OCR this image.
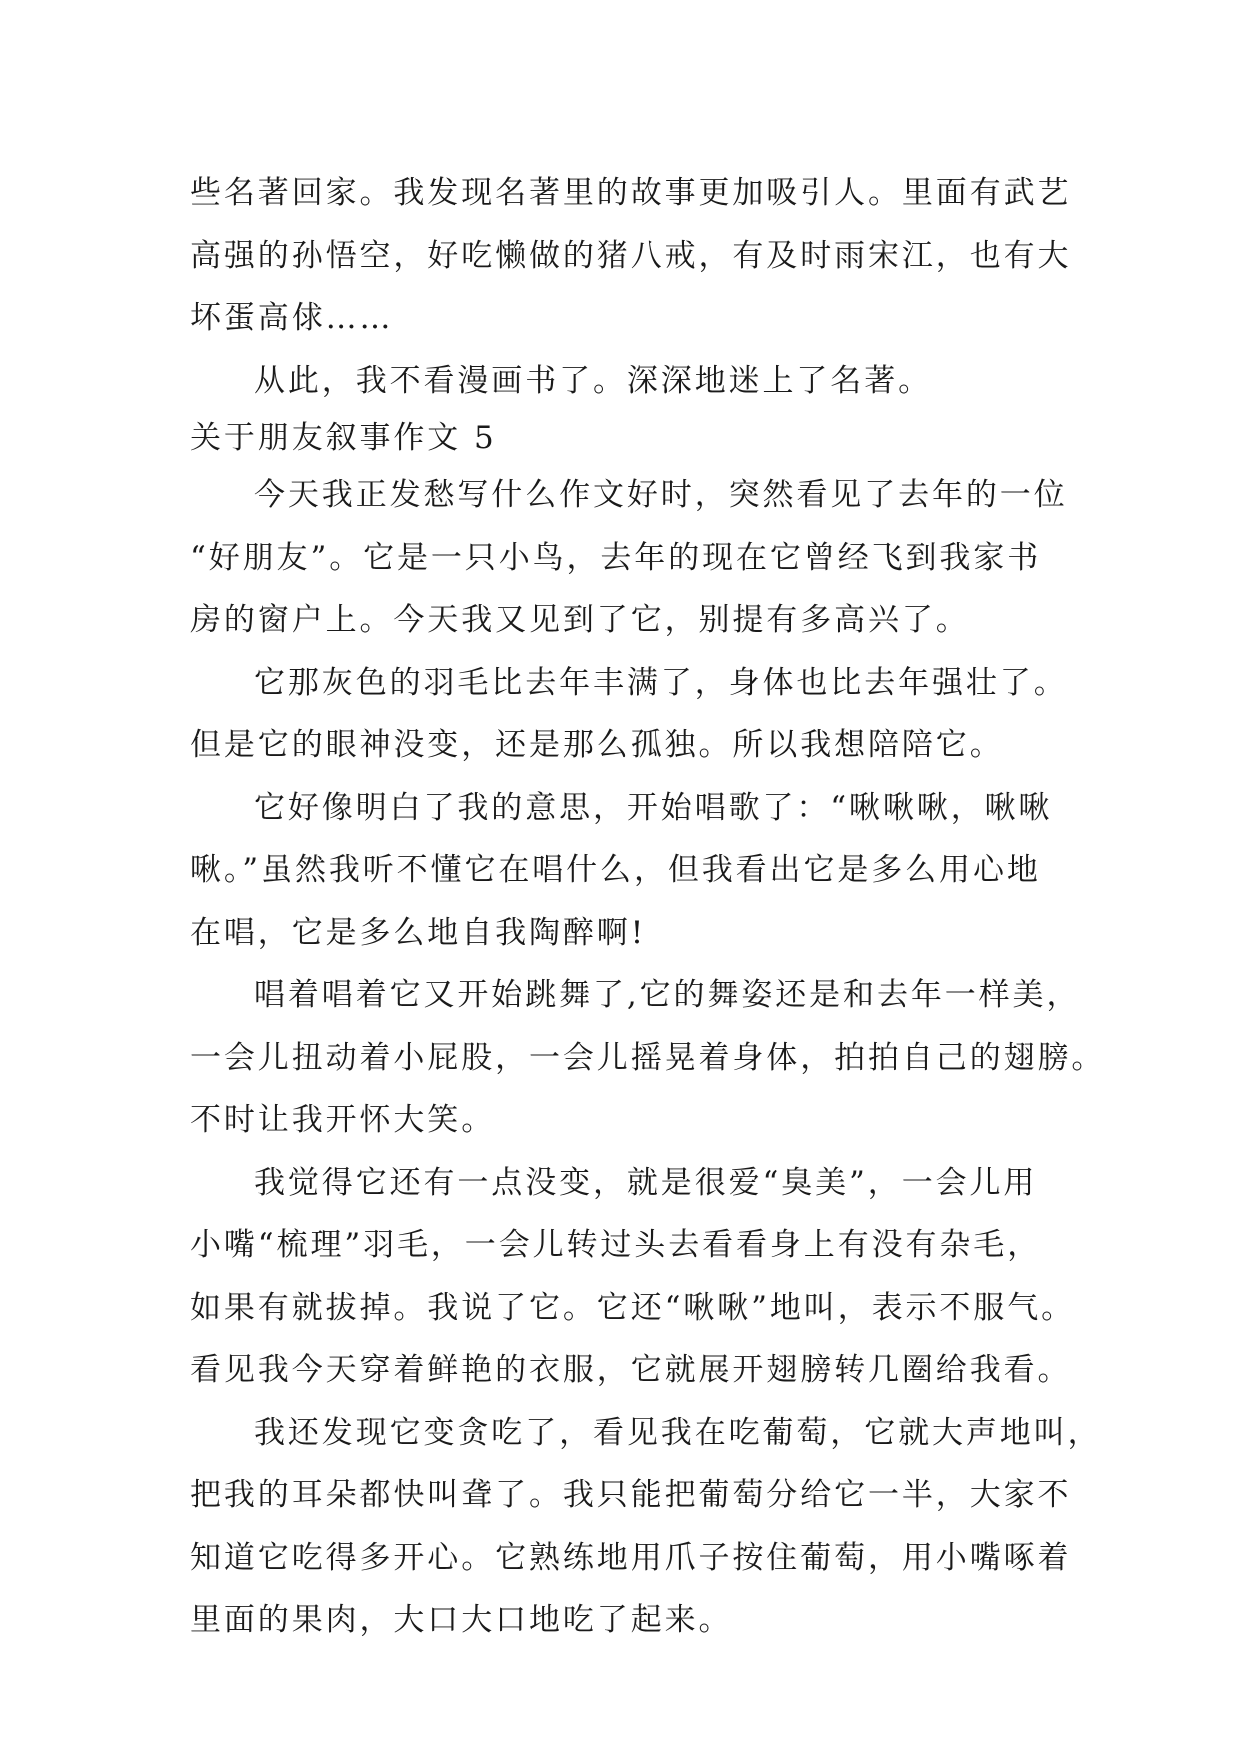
些名著回家。我发现名著里的故事更加吸引人。里面有武艺
高强的孙悟空，好吃懒做的猪八戒，有及时雨宋江，也有大
坏蛋高俅……
从此，我不看漫画书了。深深地迷上了名著。
关于朋友叙事作文 5
今天我正发愁写什么作文好时，突然看见了去年的一位
“好朋友”。它是一只小鸟，去年的现在它曾经飞到我家书
房的窗户上。今天我又见到了它，别提有多高兴了。
它那灰色的羽毛比去年丰满了，身体也比去年强壮了。
但是它的眼神没变，还是那么孤独。所以我想陪陪它。
它好像明白了我的意思，开始唱歌了：“啾啾啾，啾啾
啾。”虽然我听不懂它在唱什么，但我看出它是多么用心地
在唱，它是多么地自我陶醉啊!
唱着唱着它又开始跳舞了,它的舞姿还是和去年一样美，
一会儿扭动着小屁股，一会儿摇晃着身体，拍拍自己的翅膀。
不时让我开怀大笑。
我觉得它还有一点没变，就是很爱“臭美”，一会儿用
小嘴“梳理”羽毛，一会儿转过头去看看身上有没有杂毛，
如果有就拔掉。我说了它。它还“啾啾”地叫，表示不服气。
看见我今天穿着鲜艳的衣服，它就展开翅膀转几圈给我看。
我还发现它变贪吃了，看见我在吃葡萄，它就大声地叫，
把我的耳朵都快叫聋了。我只能把葡萄分给它一半，大家不
知道它吃得多开心。它熟练地用爪子按住葡萄，用小嘴啄着
里面的果肉，大口大口地吃了起来。
